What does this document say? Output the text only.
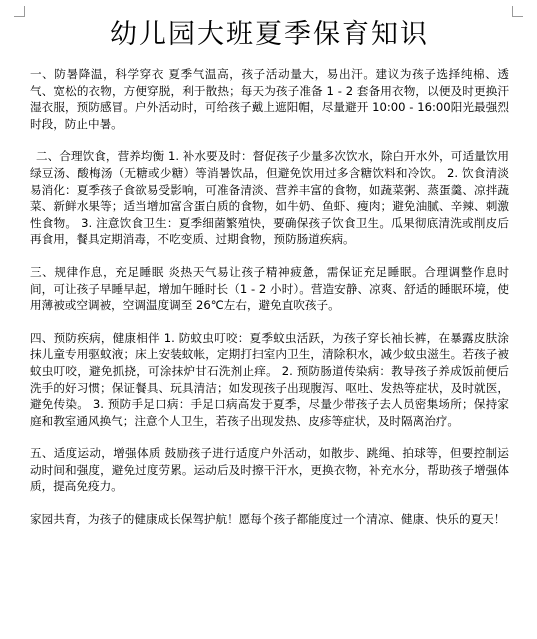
幼儿园大班夏季保育知识

一、防暑降温，科学穿衣 夏季气温高，孩子活动量大，易出汗。建议为孩子选择纯棉、透气、宽松的衣物，方便穿脱，利于散热；每天为孩子准备 1 - 2 套备用衣物，以便及时更换汗湿衣服，预防感冒。户外活动时，可给孩子戴上遮阳帽，尽量避开 10:00 - 16:00阳光最强烈时段，防止中暑。

二、合理饮食，营养均衡 1. 补水要及时：督促孩子少量多次饮水，除白开水外，可适量饮用绿豆汤、酸梅汤（无糖或少糖）等消暑饮品，但避免饮用过多含糖饮料和冷饮。 2. 饮食清淡易消化：夏季孩子食欲易受影响，可准备清淡、营养丰富的食物，如蔬菜粥、蒸蛋羹、凉拌蔬菜、新鲜水果等；适当增加富含蛋白质的食物，如牛奶、鱼虾、瘦肉；避免油腻、辛辣、刺激性食物。 3. 注意饮食卫生：夏季细菌繁殖快，要确保孩子饮食卫生。瓜果彻底清洗或削皮后再食用，餐具定期消毒，不吃变质、过期食物，预防肠道疾病。

三、规律作息，充足睡眠 炎热天气易让孩子精神疲惫，需保证充足睡眠。合理调整作息时间，可让孩子早睡早起，增加午睡时长（1 - 2 小时）。营造安静、凉爽、舒适的睡眠环境，使用薄被或空调被，空调温度调至 26℃左右，避免直吹孩子。

四、预防疾病，健康相伴 1. 防蚊虫叮咬：夏季蚊虫活跃，为孩子穿长袖长裤，在暴露皮肤涂抹儿童专用驱蚊液；床上安装蚊帐，定期打扫室内卫生，清除积水，减少蚊虫滋生。若孩子被蚊虫叮咬，避免抓挠，可涂抹炉甘石洗剂止痒。 2. 预防肠道传染病：教导孩子养成饭前便后洗手的好习惯；保证餐具、玩具清洁；如发现孩子出现腹泻、呕吐、发热等症状，及时就医，避免传染。 3. 预防手足口病：手足口病高发于夏季，尽量少带孩子去人员密集场所；保持家庭和教室通风换气；注意个人卫生，若孩子出现发热、皮疹等症状，及时隔离治疗。

五、适度运动，增强体质 鼓励孩子进行适度户外活动，如散步、跳绳、拍球等，但要控制运动时间和强度，避免过度劳累。运动后及时擦干汗水，更换衣物，补充水分，帮助孩子增强体质，提高免疫力。

家园共育，为孩子的健康成长保驾护航！愿每个孩子都能度过一个清凉、健康、快乐的夏天！
